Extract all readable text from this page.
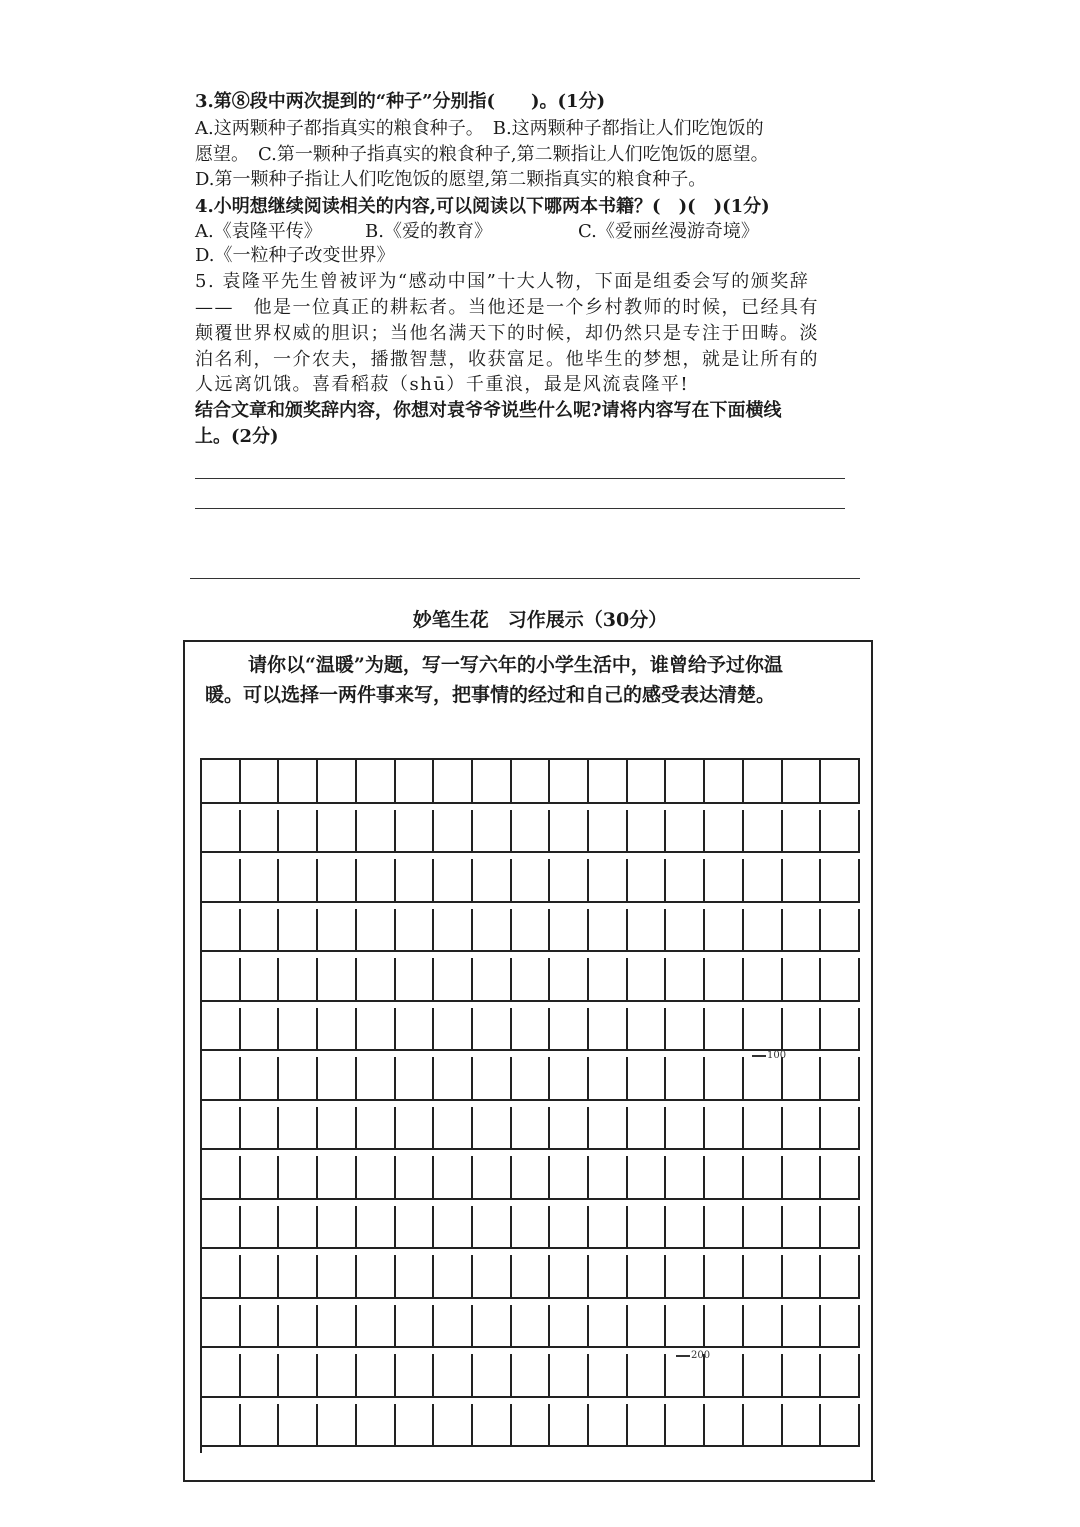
3.第⑧段中两次提到的“种子”分别指(　　)。(1分)
A.这两颗种子都指真实的粮食种子。　B.这两颗种子都指让人们吃饱饭的
愿望。　C.第一颗种子指真实的粮食种子,第二颗指让人们吃饱饭的愿望。
D.第一颗种子指让人们吃饱饭的愿望,第二颗指真实的粮食种子。
4.小明想继续阅读相关的内容,可以阅读以下哪两本书籍？(　)(　)(1分)
A.《袁隆平传》 B.《爱的教育》	C.《爱丽丝漫游奇境》
D.《一粒种子改变世界》
5. 袁隆平先生曾被评为“感动中国”十大人物，下面是组委会写的颁奖辞
——　他是一位真正的耕耘者。当他还是一个乡村教师的时候，已经具有
颠覆世界权威的胆识；当他名满天下的时候，却仍然只是专注于田畴。淡
泊名利，一介农夫，播撒智慧，收获富足。他毕生的梦想，就是让所有的
人远离饥饿。喜看稻菽（shū）千重浪，最是风流袁隆平!
结合文章和颁奖辞内容，你想对袁爷爷说些什么呢?请将内容写在下面横线
上。(2分)
妙笔生花　习作展示（30分）
请你以“温暖”为题，写一写六年的小学生活中，谁曾给予过你温
暖。可以选择一两件事来写，把事情的经过和自己的感受表达清楚。
100
200
